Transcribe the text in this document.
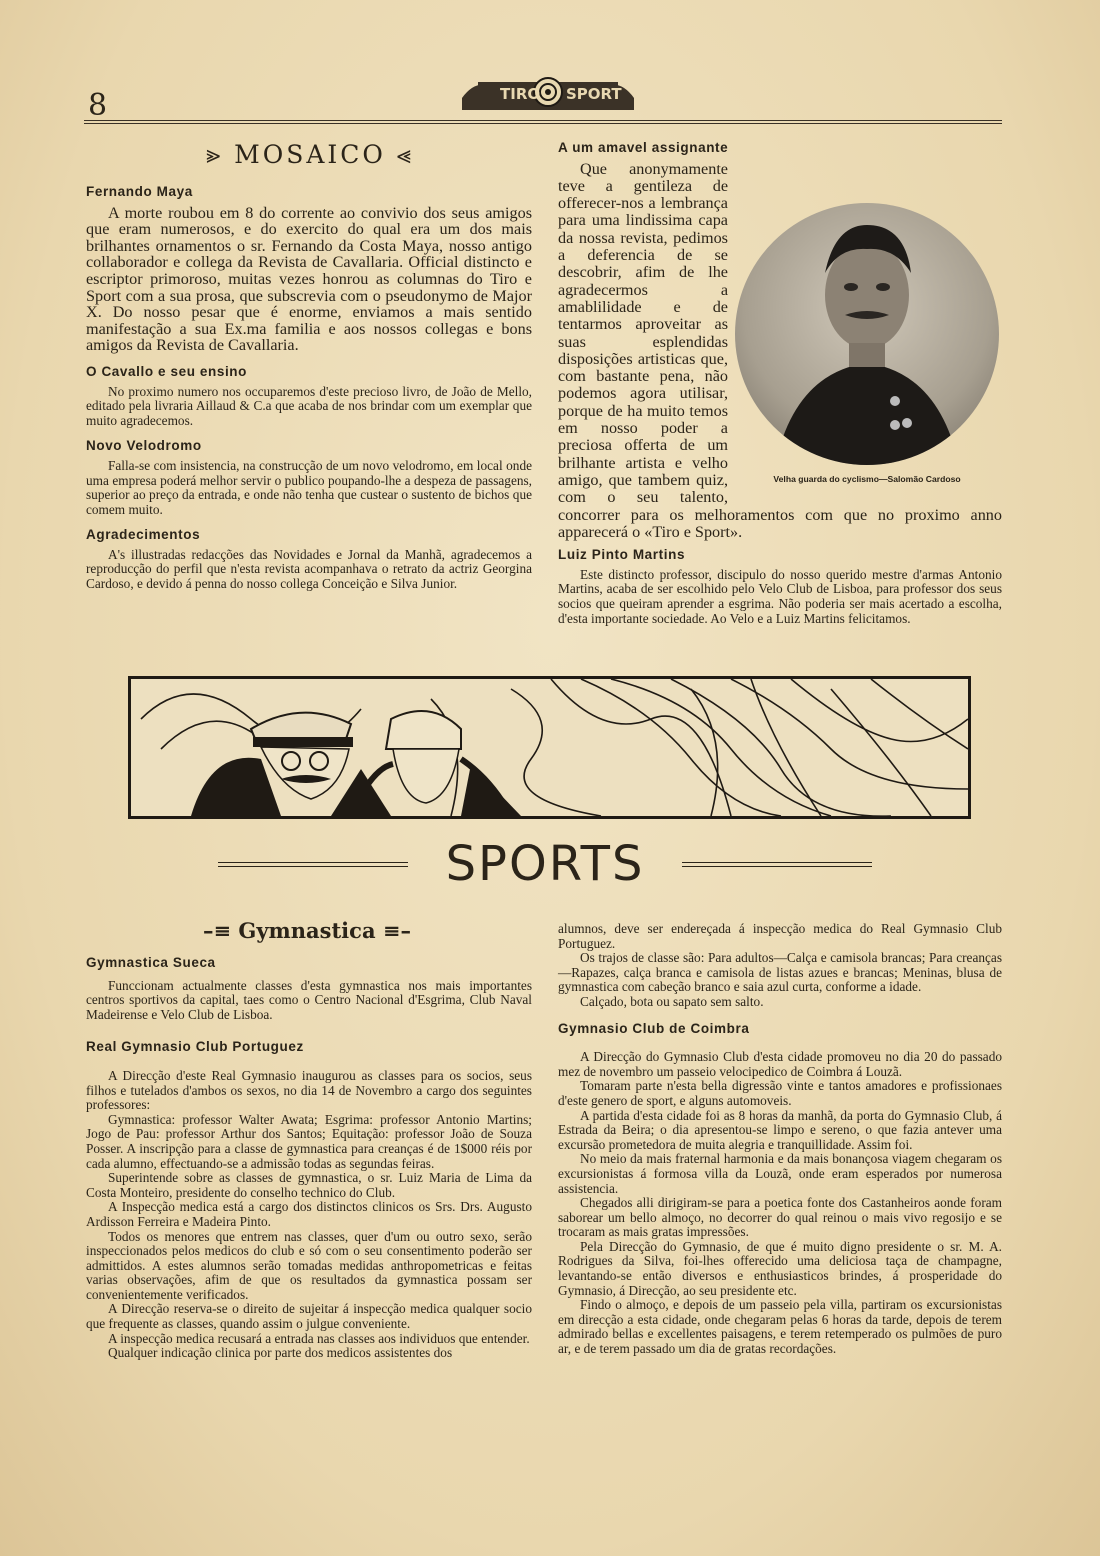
8	TIRO SPORT
⪢ MOSAICO ⪡
Fernando Maya

A morte roubou em 8 do corrente ao convivio dos seus amigos que eram numerosos, e do exercito do qual era um dos mais brilhantes ornamentos o sr. Fernando da Costa Maya, nosso antigo collaborador e collega da Revista de Cavallaria. Official distincto e escriptor primoroso, muitas vezes honrou as columnas do Tiro e Sport com a sua prosa, que subscrevia com o pseudonymo de Major X. Do nosso pesar que é enorme, enviamos a mais sentido manifestação a sua Ex.ma familia e aos nossos collegas e bons amigos da Revista de Cavallaria.

O Cavallo e seu ensino

No proximo numero nos occuparemos d'este precioso livro, de João de Mello, editado pela livraria Aillaud & C.a que acaba de nos brindar com um exemplar que muito agradecemos.

Novo Velodromo

Falla-se com insistencia, na construcção de um novo velodromo, em local onde uma empresa poderá melhor servir o publico poupando-lhe a despeza de passagens, superior ao preço da entrada, e onde não tenha que custear o sustento de bichos que comem muito.

Agradecimentos

A's illustradas redacções das Novidades e Jornal da Manhã, agradecemos a reproducção do perfil que n'esta revista acompanhava o retrato da actriz Georgina Cardoso, e devido á penna do nosso collega Conceição e Silva Junior.

A um amavel assignante

Que anonymamente teve a gentileza de offerecer-nos a lembrança para uma lindissima capa da nossa revista, pedimos a deferencia de se descobrir, afim de lhe agradecermos a amablilidade e de tentarmos aproveitar as suas esplendidas disposições artisticas que, com bastante pena, não podemos agora utilisar, porque de ha muito temos em nosso poder a preciosa offerta de um brilhante artista e velho amigo, que tambem quiz, com o seu talento, concorrer para os melhoramentos com que no proximo anno apparecerá o «Tiro e Sport».

Luiz Pinto Martins

Este distincto professor, discipulo do nosso querido mestre d'armas Antonio Martins, acaba de ser escolhido pelo Velo Club de Lisboa, para professor dos seus socios que queiram aprender a esgrima. Não poderia ser mais acertado a escolha, d'esta importante sociedade. Ao Velo e a Luiz Martins felicitamos.

Velha guarda do cyclismo—Salomão Cardoso
SPORTS
–≡ Gymnastica ≡–
Gymnastica Sueca

Funccionam actualmente classes d'esta gymnastica nos mais importantes centros sportivos da capital, taes como o Centro Nacional d'Esgrima, Club Naval Madeirense e Velo Club de Lisboa.

Real Gymnasio Club Portuguez

A Direcção d'este Real Gymnasio inaugurou as classes para os socios, seus filhos e tutelados d'ambos os sexos, no dia 14 de Novembro a cargo dos seguintes professores:

Gymnastica: professor Walter Awata; Esgrima: professor Antonio Martins; Jogo de Pau: professor Arthur dos Santos; Equitação: professor João de Souza Posser. A inscripção para a classe de gymnastica para creanças é de 1$000 réis por cada alumno, effectuando-se a admissão todas as segundas feiras.

Superintende sobre as classes de gymnastica, o sr. Luiz Maria de Lima da Costa Monteiro, presidente do conselho technico do Club.

A Inspecção medica está a cargo dos distinctos clinicos os Srs. Drs. Augusto Ardisson Ferreira e Madeira Pinto.

Todos os menores que entrem nas classes, quer d'um ou outro sexo, serão inspeccionados pelos medicos do club e só com o seu consentimento poderão ser admittidos. A estes alumnos serão tomadas medidas anthropometricas e feitas varias observações, afim de que os resultados da gymnastica possam ser convenientemente verificados.

A Direcção reserva-se o direito de sujeitar á inspecção medica qualquer socio que frequente as classes, quando assim o julgue conveniente.

A inspecção medica recusará a entrada nas classes aos individuos que entender.

Qualquer indicação clinica por parte dos medicos assistentes dos

alumnos, deve ser endereçada á inspecção medica do Real Gymnasio Club Portuguez.

Os trajos de classe são: Para adultos—Calça e camisola brancas; Para creanças—Rapazes, calça branca e camisola de listas azues e brancas; Meninas, blusa de gymnastica com cabeção branco e saia azul curta, conforme a idade.

Calçado, bota ou sapato sem salto.

Gymnasio Club de Coimbra

A Direcção do Gymnasio Club d'esta cidade promoveu no dia 20 do passado mez de novembro um passeio velocipedico de Coimbra á Louzã.

Tomaram parte n'esta bella digressão vinte e tantos amadores e profissionaes d'este genero de sport, e alguns automoveis.

A partida d'esta cidade foi as 8 horas da manhã, da porta do Gymnasio Club, á Estrada da Beira; o dia apresentou-se limpo e sereno, o que fazia antever uma excursão prometedora de muita alegria e tranquillidade. Assim foi.

No meio da mais fraternal harmonia e da mais bonançosa viagem chegaram os excursionistas á formosa villa da Louzã, onde eram esperados por numerosa assistencia.

Chegados alli dirigiram-se para a poetica fonte dos Castanheiros aonde foram saborear um bello almoço, no decorrer do qual reinou o mais vivo regosijo e se trocaram as mais gratas impressões.

Pela Direcção do Gymnasio, de que é muito digno presidente o sr. M. A. Rodrigues da Silva, foi-lhes offerecido uma deliciosa taça de champagne, levantando-se então diversos e enthusiasticos brindes, á prosperidade do Gymnasio, á Direcção, ao seu presidente etc.

Findo o almoço, e depois de um passeio pela villa, partiram os excursionistas em direcção a esta cidade, onde chegaram pelas 6 horas da tarde, depois de terem admirado bellas e excellentes paisagens, e terem retemperado os pulmões de puro ar, e de terem passado um dia de gratas recordações.
